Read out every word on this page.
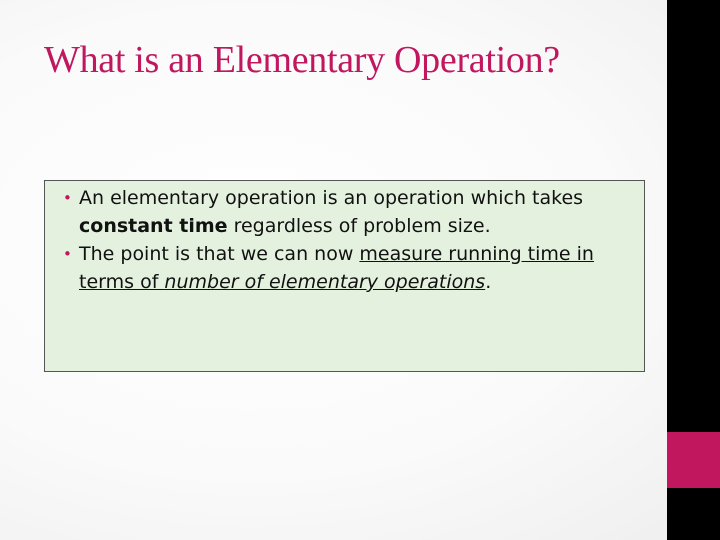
What is an Elementary Operation?
• An elementary operation is an operation which takes constant time regardless of problem size.
• The point is that we can now measure running time in terms of number of elementary operations.
